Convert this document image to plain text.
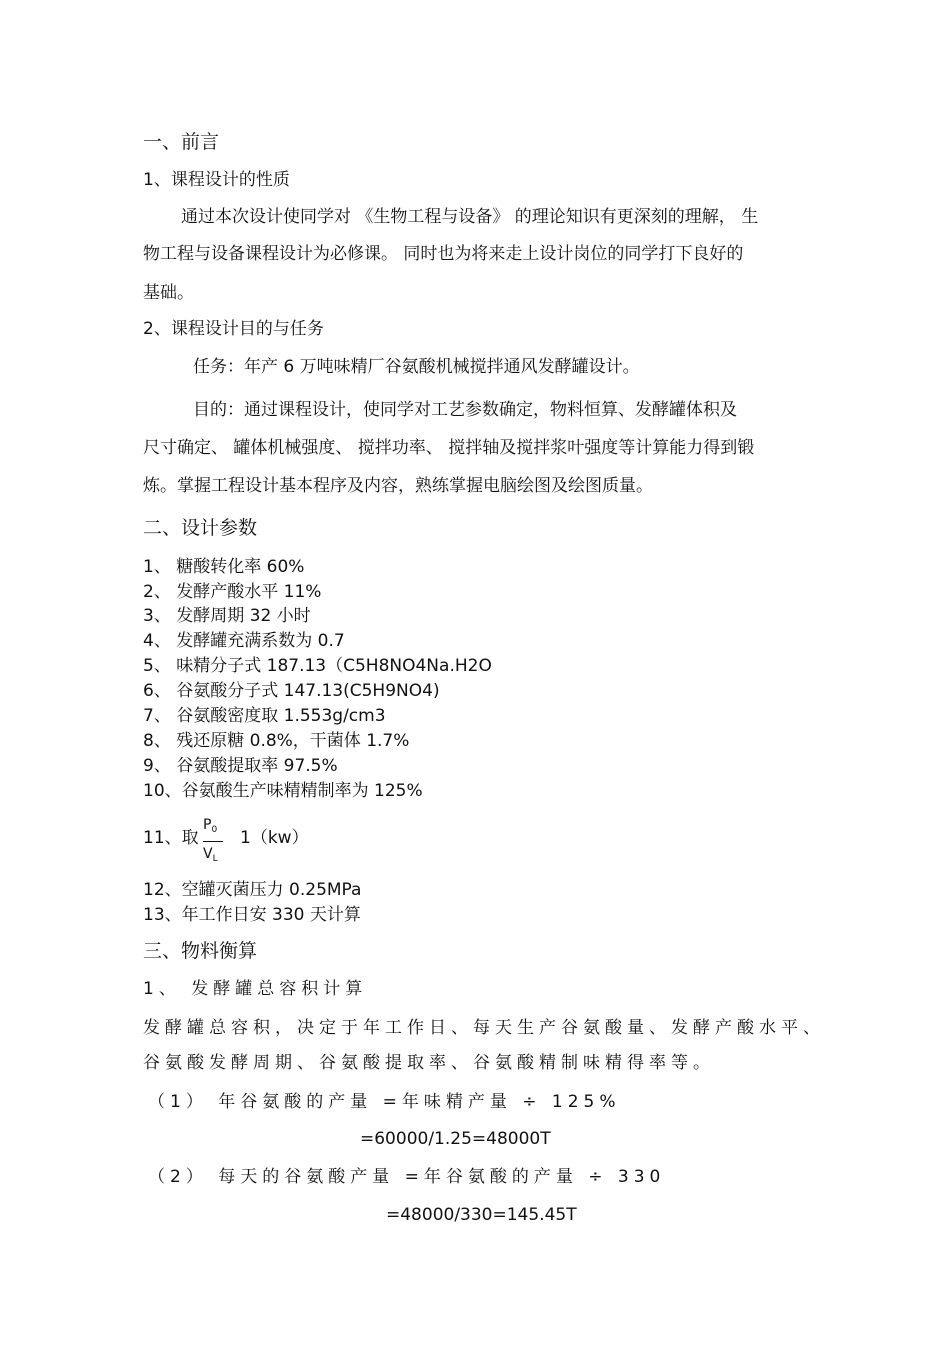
一、前言
1、课程设计的性质
通过本次设计使同学对 《生物工程与设备》 的理论知识有更深刻的理解， 生
物工程与设备课程设计为必修课。 同时也为将来走上设计岗位的同学打下良好的
基础。
2、课程设计目的与任务
任务：年产 6 万吨味精厂谷氨酸机械搅拌通风发酵罐设计。
目的：通过课程设计，使同学对工艺参数确定，物料恒算、发酵罐体积及
尺寸确定、 罐体机械强度、 搅拌功率、 搅拌轴及搅拌浆叶强度等计算能力得到锻
炼。掌握工程设计基本程序及内容，熟练掌握电脑绘图及绘图质量。
二、设计参数
1、 糖酸转化率 60%
2、 发酵产酸水平 11%
3、 发酵周期 32 小时
4、 发酵罐充满系数为 0.7
5、 味精分子式 187.13（C5H8NO4Na.H2O
6、 谷氨酸分子式 147.13(C5H9NO4)
7、 谷氨酸密度取 1.553g/cm3
8、 残还原糖 0.8%，干菌体 1.7%
9、 谷氨酸提取率 97.5%
10、谷氨酸生产味精精制率为 125%
11、取
$P_0$
$V_L$
1（kw）
12、空罐灭菌压力 0.25MPa
13、年工作日安 330 天计算
三、物料衡算
1、 发酵罐总容积计算
发酵罐总容积，决定于年工作日、每天生产谷氨酸量、发酵产酸水平、
谷氨酸发酵周期、谷氨酸提取率、谷氨酸精制味精得率等。
（1） 年谷氨酸的产量 =年味精产量 ÷ 125%
=60000/1.25=48000T
（2） 每天的谷氨酸产量 =年谷氨酸的产量 ÷ 330
=48000/330=145.45T
